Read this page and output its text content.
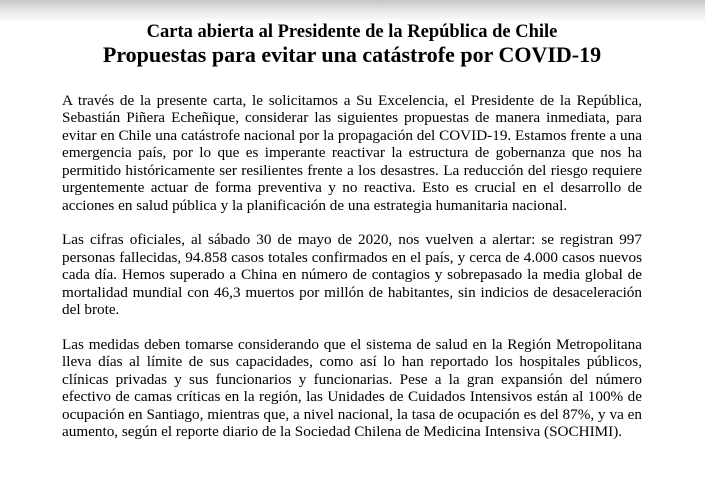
Carta abierta al Presidente de la República de Chile
Propuestas para evitar una catástrofe por COVID-19

A través de la presente carta, le solicitamos a Su Excelencia, el Presidente de la República, Sebastián Piñera Echeñique, considerar las siguientes propuestas de manera inmediata, para evitar en Chile una catástrofe nacional por la propagación del COVID-19. Estamos frente a una emergencia país, por lo que es imperante reactivar la estructura de gobernanza que nos ha permitido históricamente ser resilientes frente a los desastres. La reducción del riesgo requiere urgentemente actuar de forma preventiva y no reactiva. Esto es crucial en el desarrollo de acciones en salud pública y la planificación de una estrategia humanitaria nacional.

Las cifras oficiales, al sábado 30 de mayo de 2020, nos vuelven a alertar: se registran 997 personas fallecidas, 94.858 casos totales confirmados en el país, y cerca de 4.000 casos nuevos cada día. Hemos superado a China en número de contagios y sobrepasado la media global de mortalidad mundial con 46,3 muertos por millón de habitantes, sin indicios de desaceleración del brote.

Las medidas deben tomarse considerando que el sistema de salud en la Región Metropolitana lleva días al límite de sus capacidades, como así lo han reportado los hospitales públicos, clínicas privadas y sus funcionarios y funcionarias. Pese a la gran expansión del número efectivo de camas críticas en la región, las Unidades de Cuidados Intensivos están al 100% de ocupación en Santiago, mientras que, a nivel nacional, la tasa de ocupación es del 87%, y va en aumento, según el reporte diario de la Sociedad Chilena de Medicina Intensiva (SOCHIMI).
